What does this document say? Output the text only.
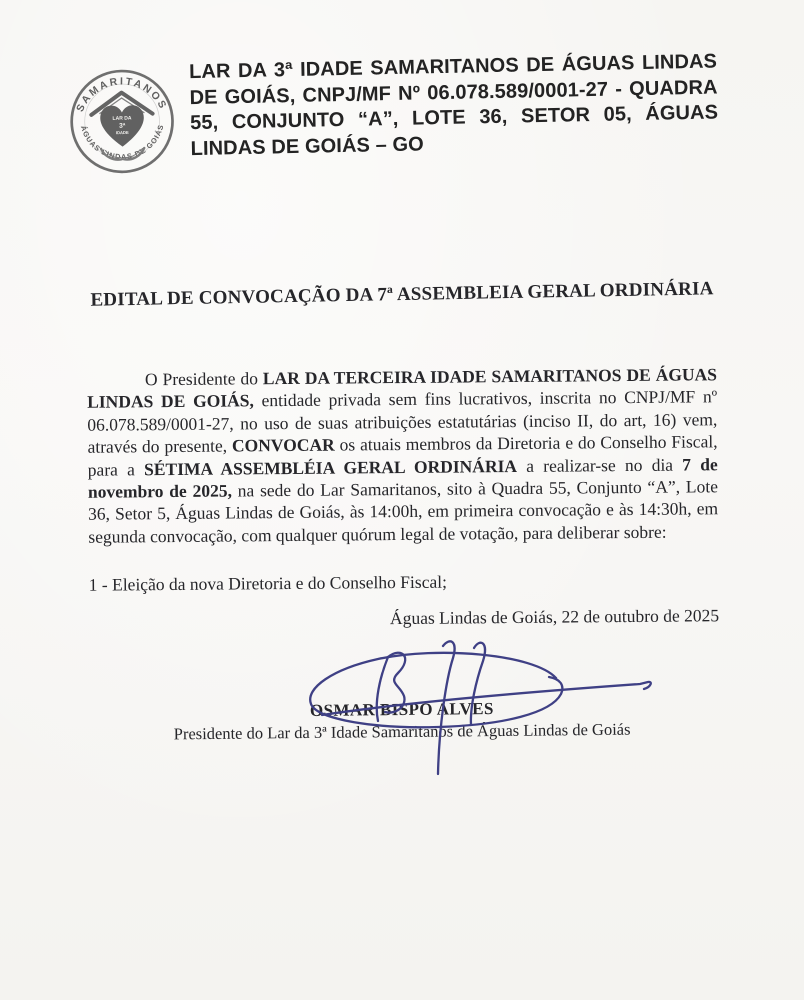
SAMARITANOS
ÁGUAS LINDAS DE GOIÁS
LAR DA
3ª
IDADE
LAR DA 3ª IDADE SAMARITANOS DE ÁGUAS LINDAS DE GOIÁS, CNPJ/MF Nº 06.078.589/0001-27 - QUADRA 55, CONJUNTO “A”, LOTE 36, SETOR 05, ÁGUAS LINDAS DE GOIÁS – GO
EDITAL DE CONVOCAÇÃO DA 7ª ASSEMBLEIA GERAL ORDINÁRIA

O Presidente do LAR DA TERCEIRA IDADE SAMARITANOS DE ÁGUAS LINDAS DE GOIÁS, entidade privada sem fins lucrativos, inscrita no CNPJ/MF nº 06.078.589/0001-27, no uso de suas atribuições estatutárias (inciso II, do art, 16) vem, através do presente, CONVOCAR os atuais membros da Diretoria e do Conselho Fiscal, para a SÉTIMA ASSEMBLÉIA GERAL ORDINÁRIA a realizar-se no dia 7 de novembro de 2025, na sede do Lar Samaritanos, sito à Quadra 55, Conjunto “A”, Lote 36, Setor 5, Águas Lindas de Goiás, às 14:00h, em primeira convocação e às 14:30h, em segunda convocação, com qualquer quórum legal de votação, para deliberar sobre:

1 - Eleição da nova Diretoria e do Conselho Fiscal;

Águas Lindas de Goiás, 22 de outubro de 2025

OSMAR BISPO ALVES
Presidente do Lar da 3ª Idade Samaritanos de Águas Lindas de Goiás
